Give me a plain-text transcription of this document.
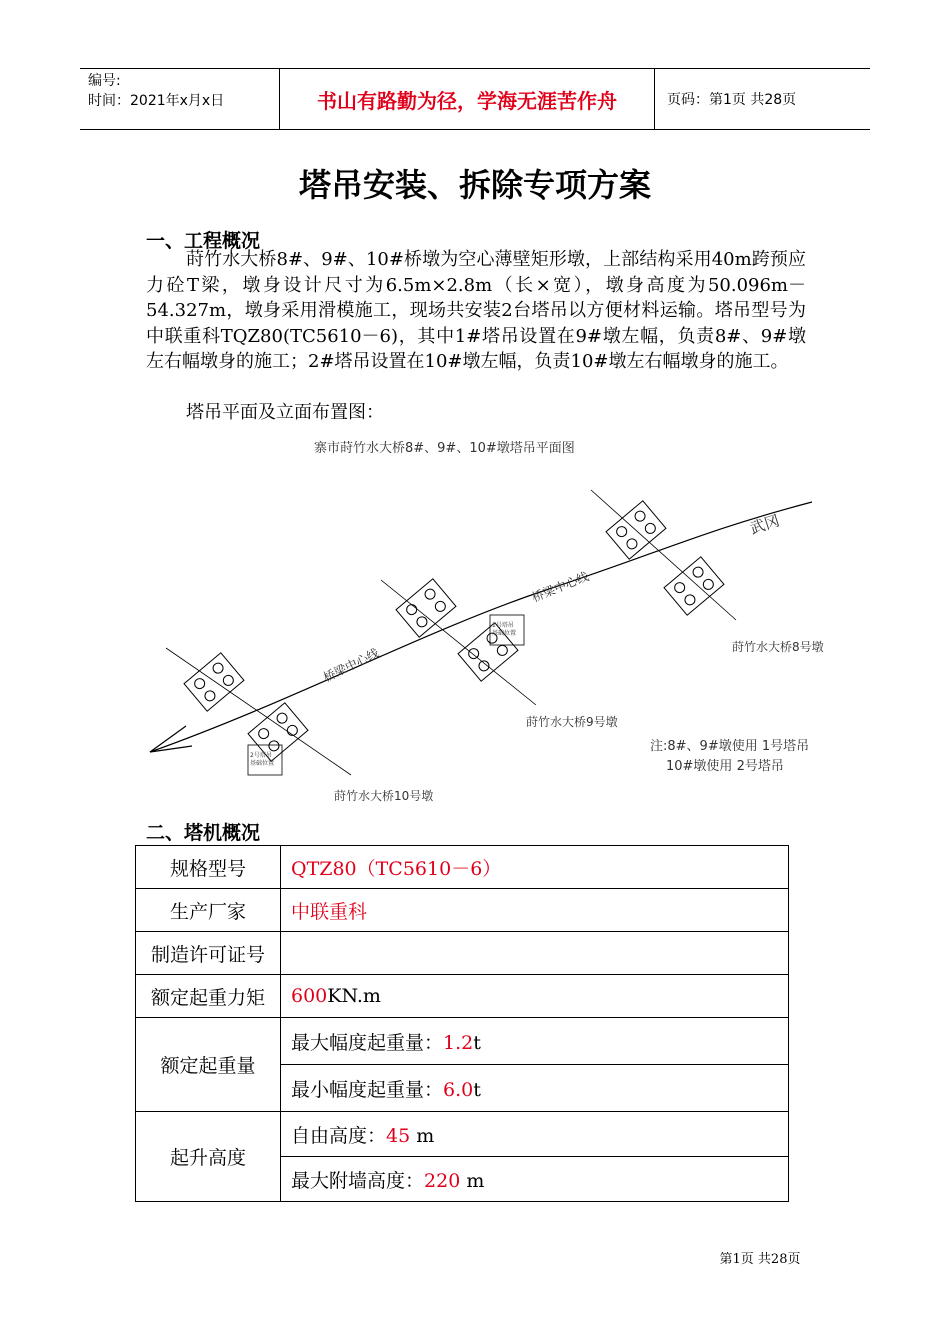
编号:
时间：2021年x月x日	书山有路勤为径，学海无涯苦作舟	页码：第1页 共28页
塔吊安装、拆除专项方案
一、工程概况
莳竹水大桥8#、9#、10#桥墩为空心薄壁矩形墩，上部结构采用40m跨预应力砼T梁，墩身设计尺寸为6.5m×2.8m（长×宽），墩身高度为50.096m－54.327m，墩身采用滑模施工，现场共安装2台塔吊以方便材料运输。塔吊型号为中联重科TQZ80(TC5610－6)，其中1#塔吊设置在9#墩左幅，负责8#、9#墩左右幅墩身的施工；2#塔吊设置在10#墩左幅，负责10#墩左右幅墩身的施工。
塔吊平面及立面布置图：
寨市莳竹水大桥8#、9#、10#墩塔吊平面图
1号塔吊
基础位置
2号塔吊
基础位置
桥梁中心线
桥梁中心线
武冈
莳竹水大桥8号墩
莳竹水大桥9号墩
莳竹水大桥10号墩
注:8#、9#墩使用 1号塔吊
10#墩使用 2号塔吊
二、塔机概况
规格型号	QTZ80（TC5610－6）
生产厂家	中联重科
制造许可证号	
额定起重力矩	600KN.m
额定起重量	最大幅度起重量：1.2t
	最小幅度起重量：6.0t
起升高度	自由高度：45 m
	最大附墙高度：220 m
第1页 共28页
